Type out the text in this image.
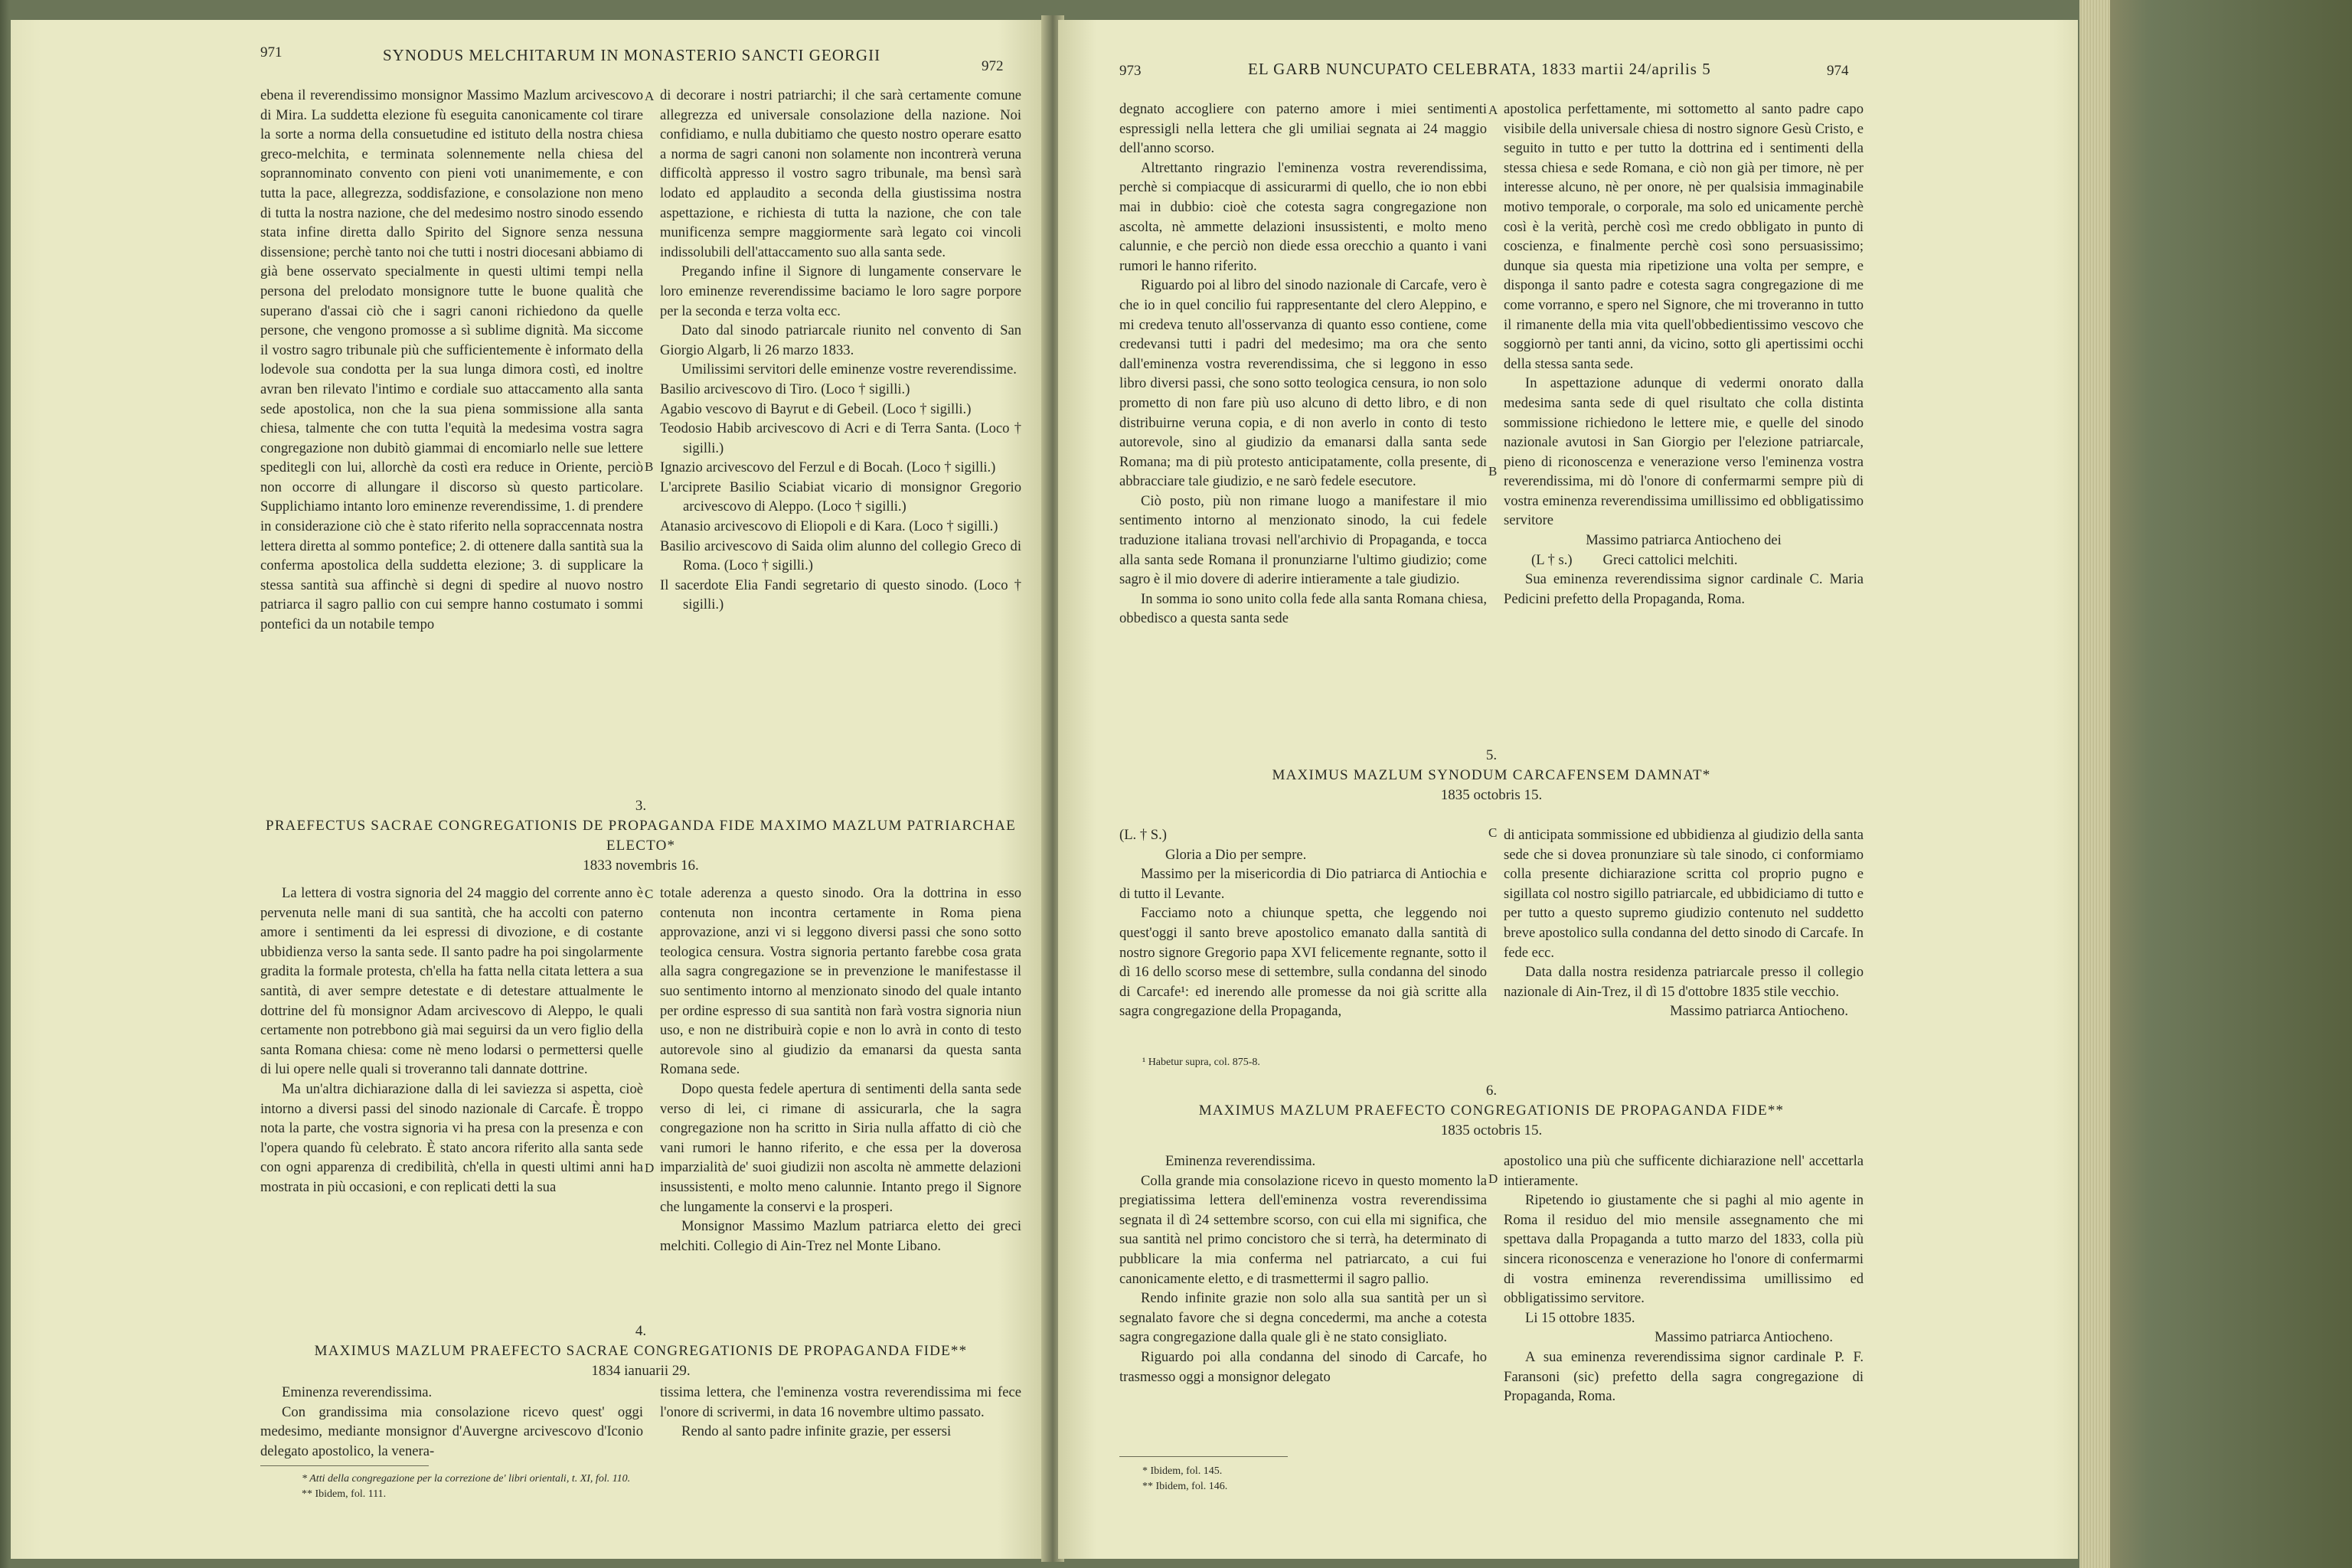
971	SYNODUS MELCHITARUM IN MONASTERIO SANCTI GEORGII
972

ebena il reverendissimo monsignor Massimo Mazlum arcivescovo di Mira. La suddetta elezione fù eseguita canonicamente col tirare la sorte a norma della consuetudine ed istituto della nostra chiesa greco-melchita, e terminata solennemente nella chiesa del soprannominato convento con pieni voti unanimemente, e con tutta la pace, allegrezza, soddisfazione, e consolazione non meno di tutta la nostra nazione, che del medesimo nostro sinodo essendo stata infine diretta dallo Spirito del Signore senza nessuna dissensione; perchè tanto noi che tutti i nostri diocesani abbiamo di già bene osservato specialmente in questi ultimi tempi nella persona del prelodato monsignore tutte le buone qualità che superano d'assai ciò che i sagri canoni richiedono da quelle persone, che vengono promosse a sì sublime dignità. Ma siccome il vostro sagro tribunale più che sufficientemente è informato della lodevole sua condotta per la sua lunga dimora costì, ed inoltre avran ben rilevato l'intimo e cordiale suo attaccamento alla santa sede apostolica, non che la sua piena sommissione alla santa chiesa, talmente che con tutta l'equità la medesima vostra sagra congregazione non dubitò giammai di encomiarlo nelle sue lettere speditegli con lui, allorchè da costì era reduce in Oriente, perciò non occorre di allungare il discorso sù questo particolare. Supplichiamo intanto loro eminenze reverendissime, 1. di prendere in considerazione ciò che è stato riferito nella sopraccennata nostra lettera diretta al sommo pontefice; 2. di ottenere dalla santità sua la conferma apostolica della suddetta elezione; 3. di supplicare la stessa santità sua affinchè si degni di spedire al nuovo nostro patriarca il sagro pallio con cui sempre hanno costumato i sommi pontefici da un notabile tempo

A
B

di decorare i nostri patriarchi; il che sarà certamente comune allegrezza ed universale consolazione della nazione. Noi confidiamo, e nulla dubitiamo che questo nostro operare esatto a norma de sagri canoni non solamente non incontrerà veruna difficoltà appresso il vostro sagro tribunale, ma bensì sarà lodato ed applaudito a seconda della giustissima nostra aspettazione, e richiesta di tutta la nazione, che con tale munificenza sempre maggiormente sarà legato coi vincoli indissolubili dell'attaccamento suo alla santa sede.

Pregando infine il Signore di lungamente conservare le loro eminenze reverendissime baciamo le loro sagre porpore per la seconda e terza volta ecc.

Dato dal sinodo patriarcale riunito nel convento di San Giorgio Algarb, li 26 marzo 1833.

Umilissimi servitori delle eminenze vostre reverendissime.

Basilio arcivescovo di Tiro. (Loco † sigilli.)

Agabio vescovo di Bayrut e di Gebeil. (Loco † sigilli.)

Teodosio Habib arcivescovo di Acri e di Terra Santa. (Loco † sigilli.)

Ignazio arcivescovo del Ferzul e di Bocah. (Loco † sigilli.)

L'arciprete Basilio Sciabiat vicario di monsignor Gregorio arcivescovo di Aleppo. (Loco † sigilli.)

Atanasio arcivescovo di Eliopoli e di Kara. (Loco † sigilli.)

Basilio arcivescovo di Saida olim alunno del collegio Greco di Roma. (Loco † sigilli.)

Il sacerdote Elia Fandi segretario di questo sinodo. (Loco † sigilli.)

3.
PRAEFECTUS SACRAE CONGREGATIONIS DE PROPAGANDA FIDE MAXIMO MAZLUM PATRIARCHAE ELECTO*
1833 novembris 16.

La lettera di vostra signoria del 24 maggio del corrente anno è pervenuta nelle mani di sua santità, che ha accolti con paterno amore i sentimenti da lei espressi di divozione, e di costante ubbidienza verso la santa sede. Il santo padre ha poi singolarmente gradita la formale protesta, ch'ella ha fatta nella citata lettera a sua santità, di aver sempre detestate e di detestare attualmente le dottrine del fù monsignor Adam arcivescovo di Aleppo, le quali certamente non potrebbono già mai seguirsi da un vero figlio della santa Romana chiesa: come nè meno lodarsi o permettersi quelle di lui opere nelle quali si troveranno tali dannate dottrine.

Ma un'altra dichiarazione dalla di lei saviezza si aspetta, cioè intorno a diversi passi del sinodo nazionale di Carcafe. È troppo nota la parte, che vostra signoria vi ha presa con la presenza e con l'opera quando fù celebrato. È stato ancora riferito alla santa sede con ogni apparenza di credibilità, ch'ella in questi ultimi anni ha mostrata in più occasioni, e con replicati detti la sua

C
D

totale aderenza a questo sinodo. Ora la dottrina in esso contenuta non incontra certamente in Roma piena approvazione, anzi vi si leggono diversi passi che sono sotto teologica censura. Vostra signoria pertanto farebbe cosa grata alla sagra congregazione se in prevenzione le manifestasse il suo sentimento intorno al menzionato sinodo del quale intanto per ordine espresso di sua santità non farà vostra signoria niun uso, e non ne distribuirà copie e non lo avrà in conto di testo autorevole sino al giudizio da emanarsi da questa santa Romana sede.

Dopo questa fedele apertura di sentimenti della santa sede verso di lei, ci rimane di assicurarla, che la sagra congregazione non ha scritto in Siria nulla affatto di ciò che vani rumori le hanno riferito, e che essa per la doverosa imparzialità de' suoi giudizii non ascolta nè ammette delazioni insussistenti, e molto meno calunnie. Intanto prego il Signore che lungamente la conservi e la prosperi.

Monsignor Massimo Mazlum patriarca eletto dei greci melchiti. Collegio di Ain-Trez nel Monte Libano.

4.
MAXIMUS MAZLUM PRAEFECTO SACRAE CONGREGATIONIS DE PROPAGANDA FIDE**
1834 ianuarii 29.

Eminenza reverendissima.

Con grandissima mia consolazione ricevo quest' oggi medesimo, mediante monsignor d'Auvergne arcivescovo d'Iconio delegato apostolico, la venera-

tissima lettera, che l'eminenza vostra reverendissima mi fece l'onore di scrivermi, in data 16 novembre ultimo passato.

Rendo al santo padre infinite grazie, per essersi

* Atti della congregazione per la correzione de' libri orientali, t. XI, fol. 110.
** Ibidem, fol. 111.
973	EL GARB NUNCUPATO CELEBRATA, 1833 martii 24/aprilis 5	974

degnato accogliere con paterno amore i miei sentimenti espressigli nella lettera che gli umiliai segnata ai 24 maggio dell'anno scorso.

Altrettanto ringrazio l'eminenza vostra reverendissima, perchè si compiacque di assicurarmi di quello, che io non ebbi mai in dubbio: cioè che cotesta sagra congregazione non ascolta, nè ammette delazioni insussistenti, e molto meno calunnie, e che perciò non diede essa orecchio a quanto i vani rumori le hanno riferito.

Riguardo poi al libro del sinodo nazionale di Carcafe, vero è che io in quel concilio fui rappresentante del clero Aleppino, e mi credeva tenuto all'osservanza di quanto esso contiene, come credevansi tutti i padri del medesimo; ma ora che sento dall'eminenza vostra reverendissima, che si leggono in esso libro diversi passi, che sono sotto teologica censura, io non solo prometto di non fare più uso alcuno di detto libro, e di non distribuirne veruna copia, e di non averlo in conto di testo autorevole, sino al giudizio da emanarsi dalla santa sede Romana; ma di più protesto anticipatamente, colla presente, di abbracciare tale giudizio, e ne sarò fedele esecutore.

Ciò posto, più non rimane luogo a manifestare il mio sentimento intorno al menzionato sinodo, la cui fedele traduzione italiana trovasi nell'archivio di Propaganda, e tocca alla santa sede Romana il pronunziarne l'ultimo giudizio; come sagro è il mio dovere di aderire intieramente a tale giudizio.

In somma io sono unito colla fede alla santa Romana chiesa, obbedisco a questa santa sede

A
B

apostolica perfettamente, mi sottometto al santo padre capo visibile della universale chiesa di nostro signore Gesù Cristo, e seguito in tutto e per tutto la dottrina ed i sentimenti della stessa chiesa e sede Romana, e ciò non già per timore, nè per interesse alcuno, nè per onore, nè per qualsisia immaginabile motivo temporale, o corporale, ma solo ed unicamente perchè così è la verità, perchè così me credo obbligato in punto di coscienza, e finalmente perchè così sono persuasissimo; dunque sia questa mia ripetizione una volta per sempre, e disponga il santo padre e cotesta sagra congregazione di me come vorranno, e spero nel Signore, che mi troveranno in tutto il rimanente della mia vita quell'obbedientissimo vescovo che soggiornò per tanti anni, da vicino, sotto gli apertissimi occhi della stessa santa sede.

In aspettazione adunque di vedermi onorato dalla medesima santa sede di quel risultato che colla distinta sommissione richiedono le lettere mie, e quelle del sinodo nazionale avutosi in San Giorgio per l'elezione patriarcale, pieno di riconoscenza e venerazione verso l'eminenza vostra reverendissima, mi dò l'onore di confermarmi sempre più di vostra eminenza reverendissima umillissimo ed obbligatissimo servitore

Massimo patriarca Antiocheno dei

(L † s.) Greci cattolici melchiti.

Sua eminenza reverendissima signor cardinale C. Maria Pedicini prefetto della Propaganda, Roma.

5.
MAXIMUS MAZLUM SYNODUM CARCAFENSEM DAMNAT*
1835 octobris 15.

(L. † S.)

Gloria a Dio per sempre.

Massimo per la misericordia di Dio patriarca di Antiochia e di tutto il Levante.

Facciamo noto a chiunque spetta, che leggendo noi quest'oggi il santo breve apostolico emanato dalla santità di nostro signore Gregorio papa XVI felicemente regnante, sotto il dì 16 dello scorso mese di settembre, sulla condanna del sinodo di Carcafe¹: ed inerendo alle promesse da noi già scritte alla sagra congregazione della Propaganda,

C di anticipata sommissione ed ubbidienza al giudizio della santa sede che si dovea pronunziare sù tale sinodo, ci conformiamo colla presente dichiarazione scritta col proprio pugno e sigillata col nostro sigillo patriarcale, ed ubbidiciamo di tutto e per tutto a questo supremo giudizio contenuto nel suddetto breve apostolico sulla condanna del detto sinodo di Carcafe. In fede ecc.

Data dalla nostra residenza patriarcale presso il collegio nazionale di Ain-Trez, il dì 15 d'ottobre 1835 stile vecchio.

Massimo patriarca Antiocheno.

¹ Habetur supra, col. 875-8.
6.
MAXIMUS MAZLUM PRAEFECTO CONGREGATIONIS DE PROPAGANDA FIDE**
1835 octobris 15.

Eminenza reverendissima.

Colla grande mia consolazione ricevo in questo momento la pregiatissima lettera dell'eminenza vostra reverendissima segnata il dì 24 settembre scorso, con cui ella mi significa, che sua santità nel primo concistoro che si terrà, ha determinato di pubblicare la mia conferma nel patriarcato, a cui fui canonicamente eletto, e di trasmettermi il sagro pallio.

Rendo infinite grazie non solo alla sua santità per un sì segnalato favore che si degna concedermi, ma anche a cotesta sagra congregazione dalla quale gli è ne stato consigliato.

Riguardo poi alla condanna del sinodo di Carcafe, ho trasmesso oggi a monsignor delegato

D

apostolico una più che sufficente dichiarazione nell' accettarla intieramente.

Ripetendo io giustamente che si paghi al mio agente in Roma il residuo del mio mensile assegnamento che mi spettava dalla Propaganda a tutto marzo del 1833, colla più sincera riconoscenza e venerazione ho l'onore di confermarmi di vostra eminenza reverendissima umillissimo ed obbligatissimo servitore.

Li 15 ottobre 1835.

Massimo patriarca Antiocheno.

A sua eminenza reverendissima signor cardinale P. F. Faransoni (sic) prefetto della sagra congregazione di Propaganda, Roma.

* Ibidem, fol. 145.
** Ibidem, fol. 146.
